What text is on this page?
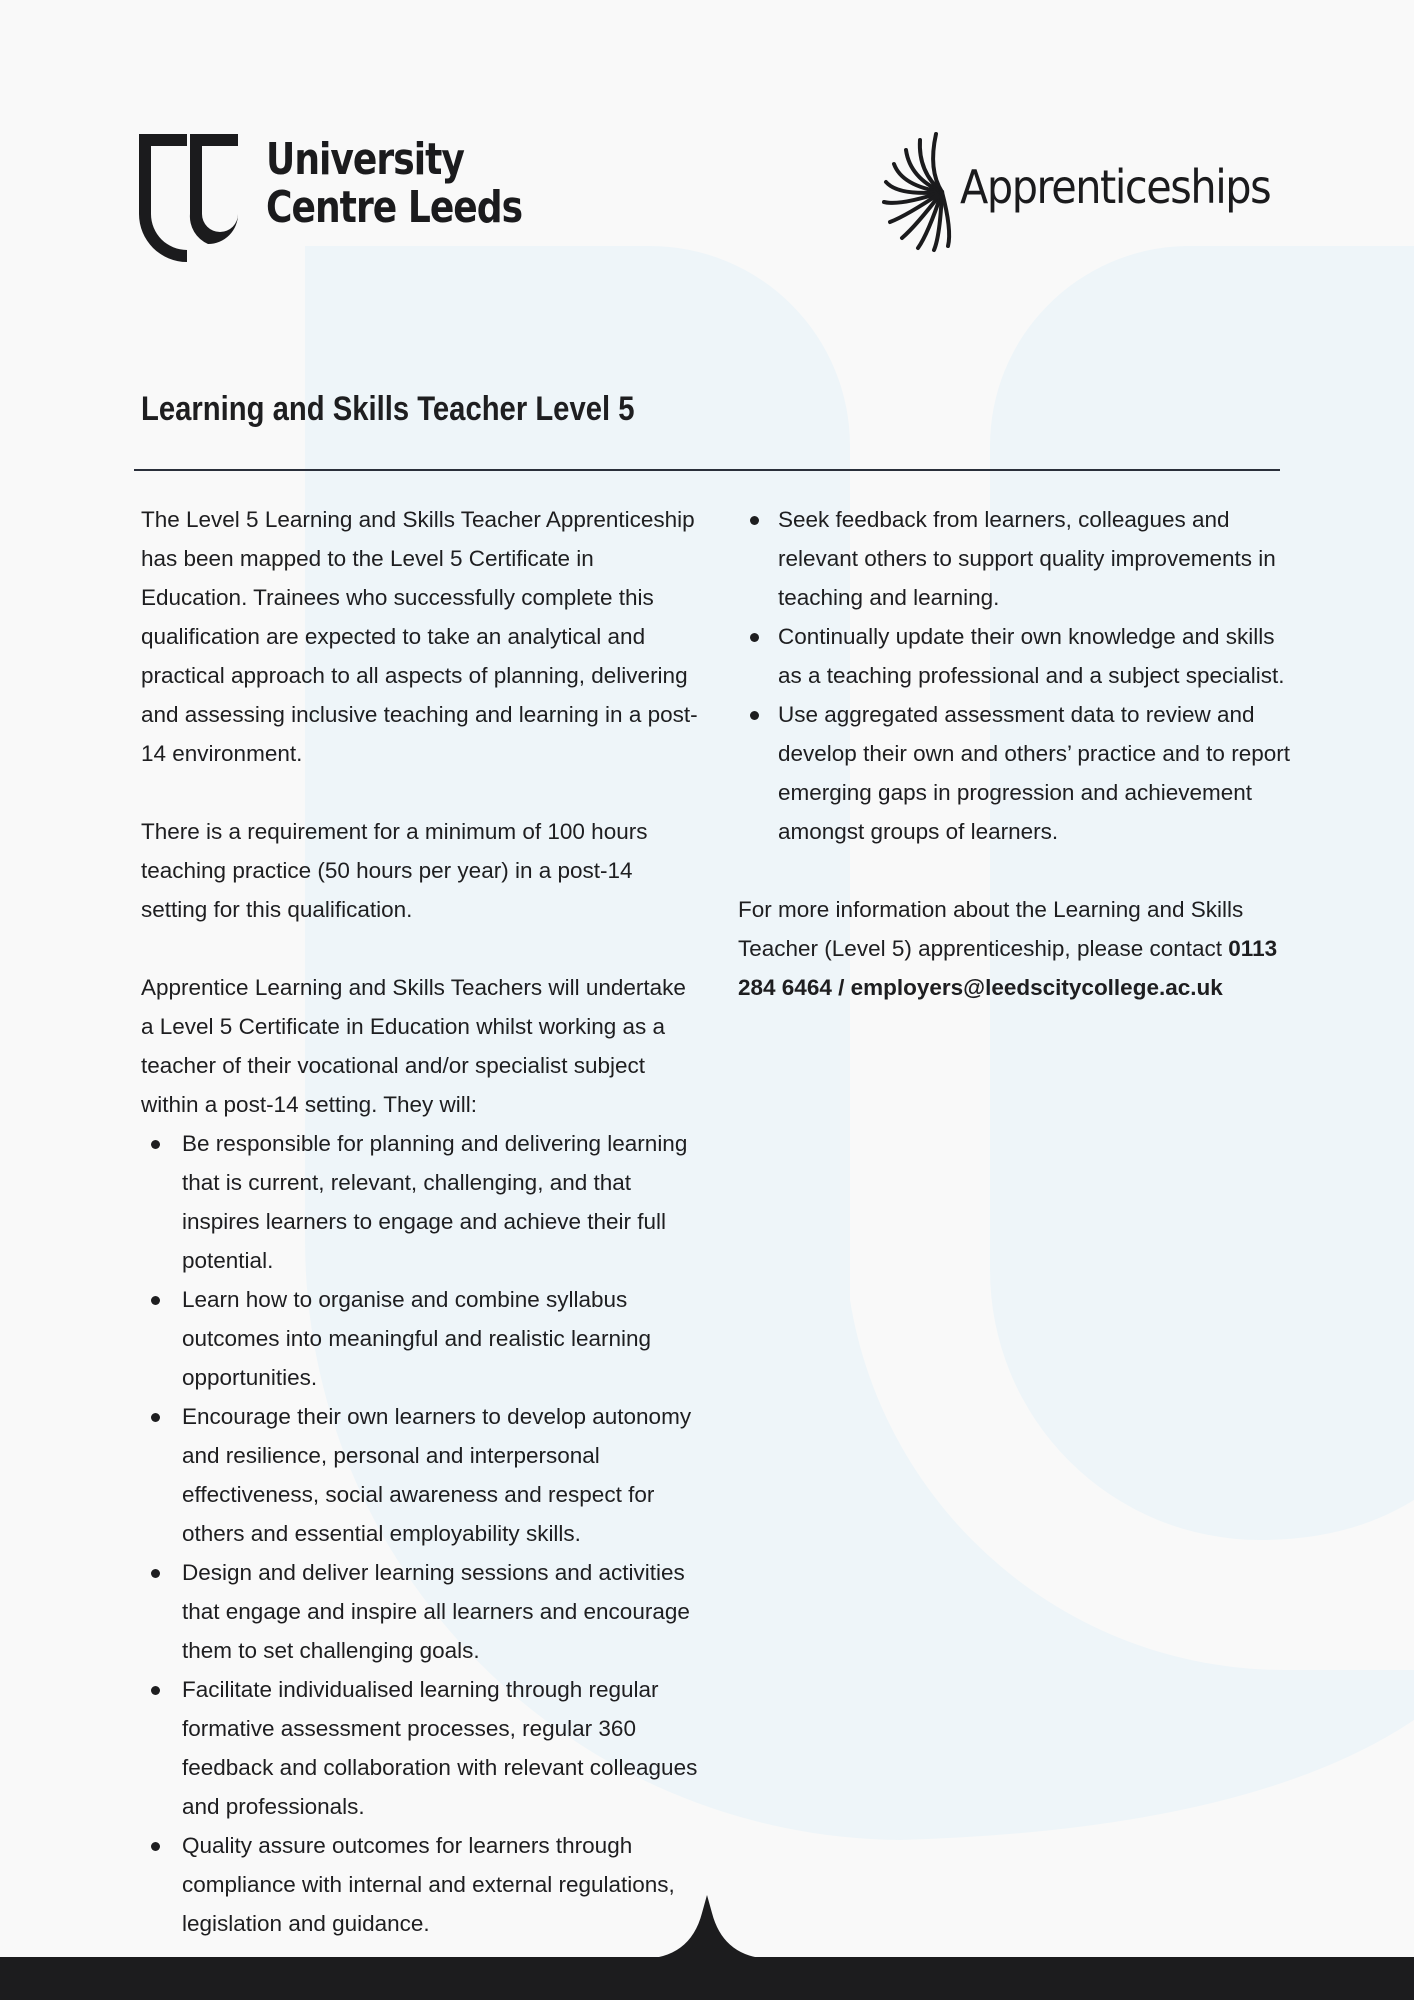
University
Centre Leeds	Apprenticeships
Learning and Skills Teacher Level 5

The Level 5 Learning and Skills Teacher Apprenticeship has been mapped to the Level 5 Certificate in Education. Trainees who successfully complete this qualification are expected to take an analytical and practical approach to all aspects of planning, delivering and assessing inclusive teaching and learning in a post-14 environment.

There is a requirement for a minimum of 100 hours teaching practice (50 hours per year) in a post-14 setting for this qualification.

Apprentice Learning and Skills Teachers will undertake a Level 5 Certificate in Education whilst working as a teacher of their vocational and/or specialist subject within a post-14 setting. They will:

Be responsible for planning and delivering learning that is current, relevant, challenging, and that inspires learners to engage and achieve their full potential.
Learn how to organise and combine syllabus outcomes into meaningful and realistic learning opportunities.
Encourage their own learners to develop autonomy and resilience, personal and interpersonal effectiveness, social awareness and respect for others and essential employability skills.
Design and deliver learning sessions and activities that engage and inspire all learners and encourage them to set challenging goals.
Facilitate individualised learning through regular formative assessment processes, regular 360 feedback and collaboration with relevant colleagues and professionals.
Quality assure outcomes for learners through compliance with internal and external regulations, legislation and guidance.
Seek feedback from learners, colleagues and relevant others to support quality improvements in teaching and learning.
Continually update their own knowledge and skills as a teaching professional and a subject specialist.
Use aggregated assessment data to review and develop their own and others’ practice and to report emerging gaps in progression and achievement amongst groups of learners.

For more information about the Learning and Skills Teacher (Level 5) apprenticeship, please contact 0113 284 6464 / employers@leedscitycollege.ac.uk
